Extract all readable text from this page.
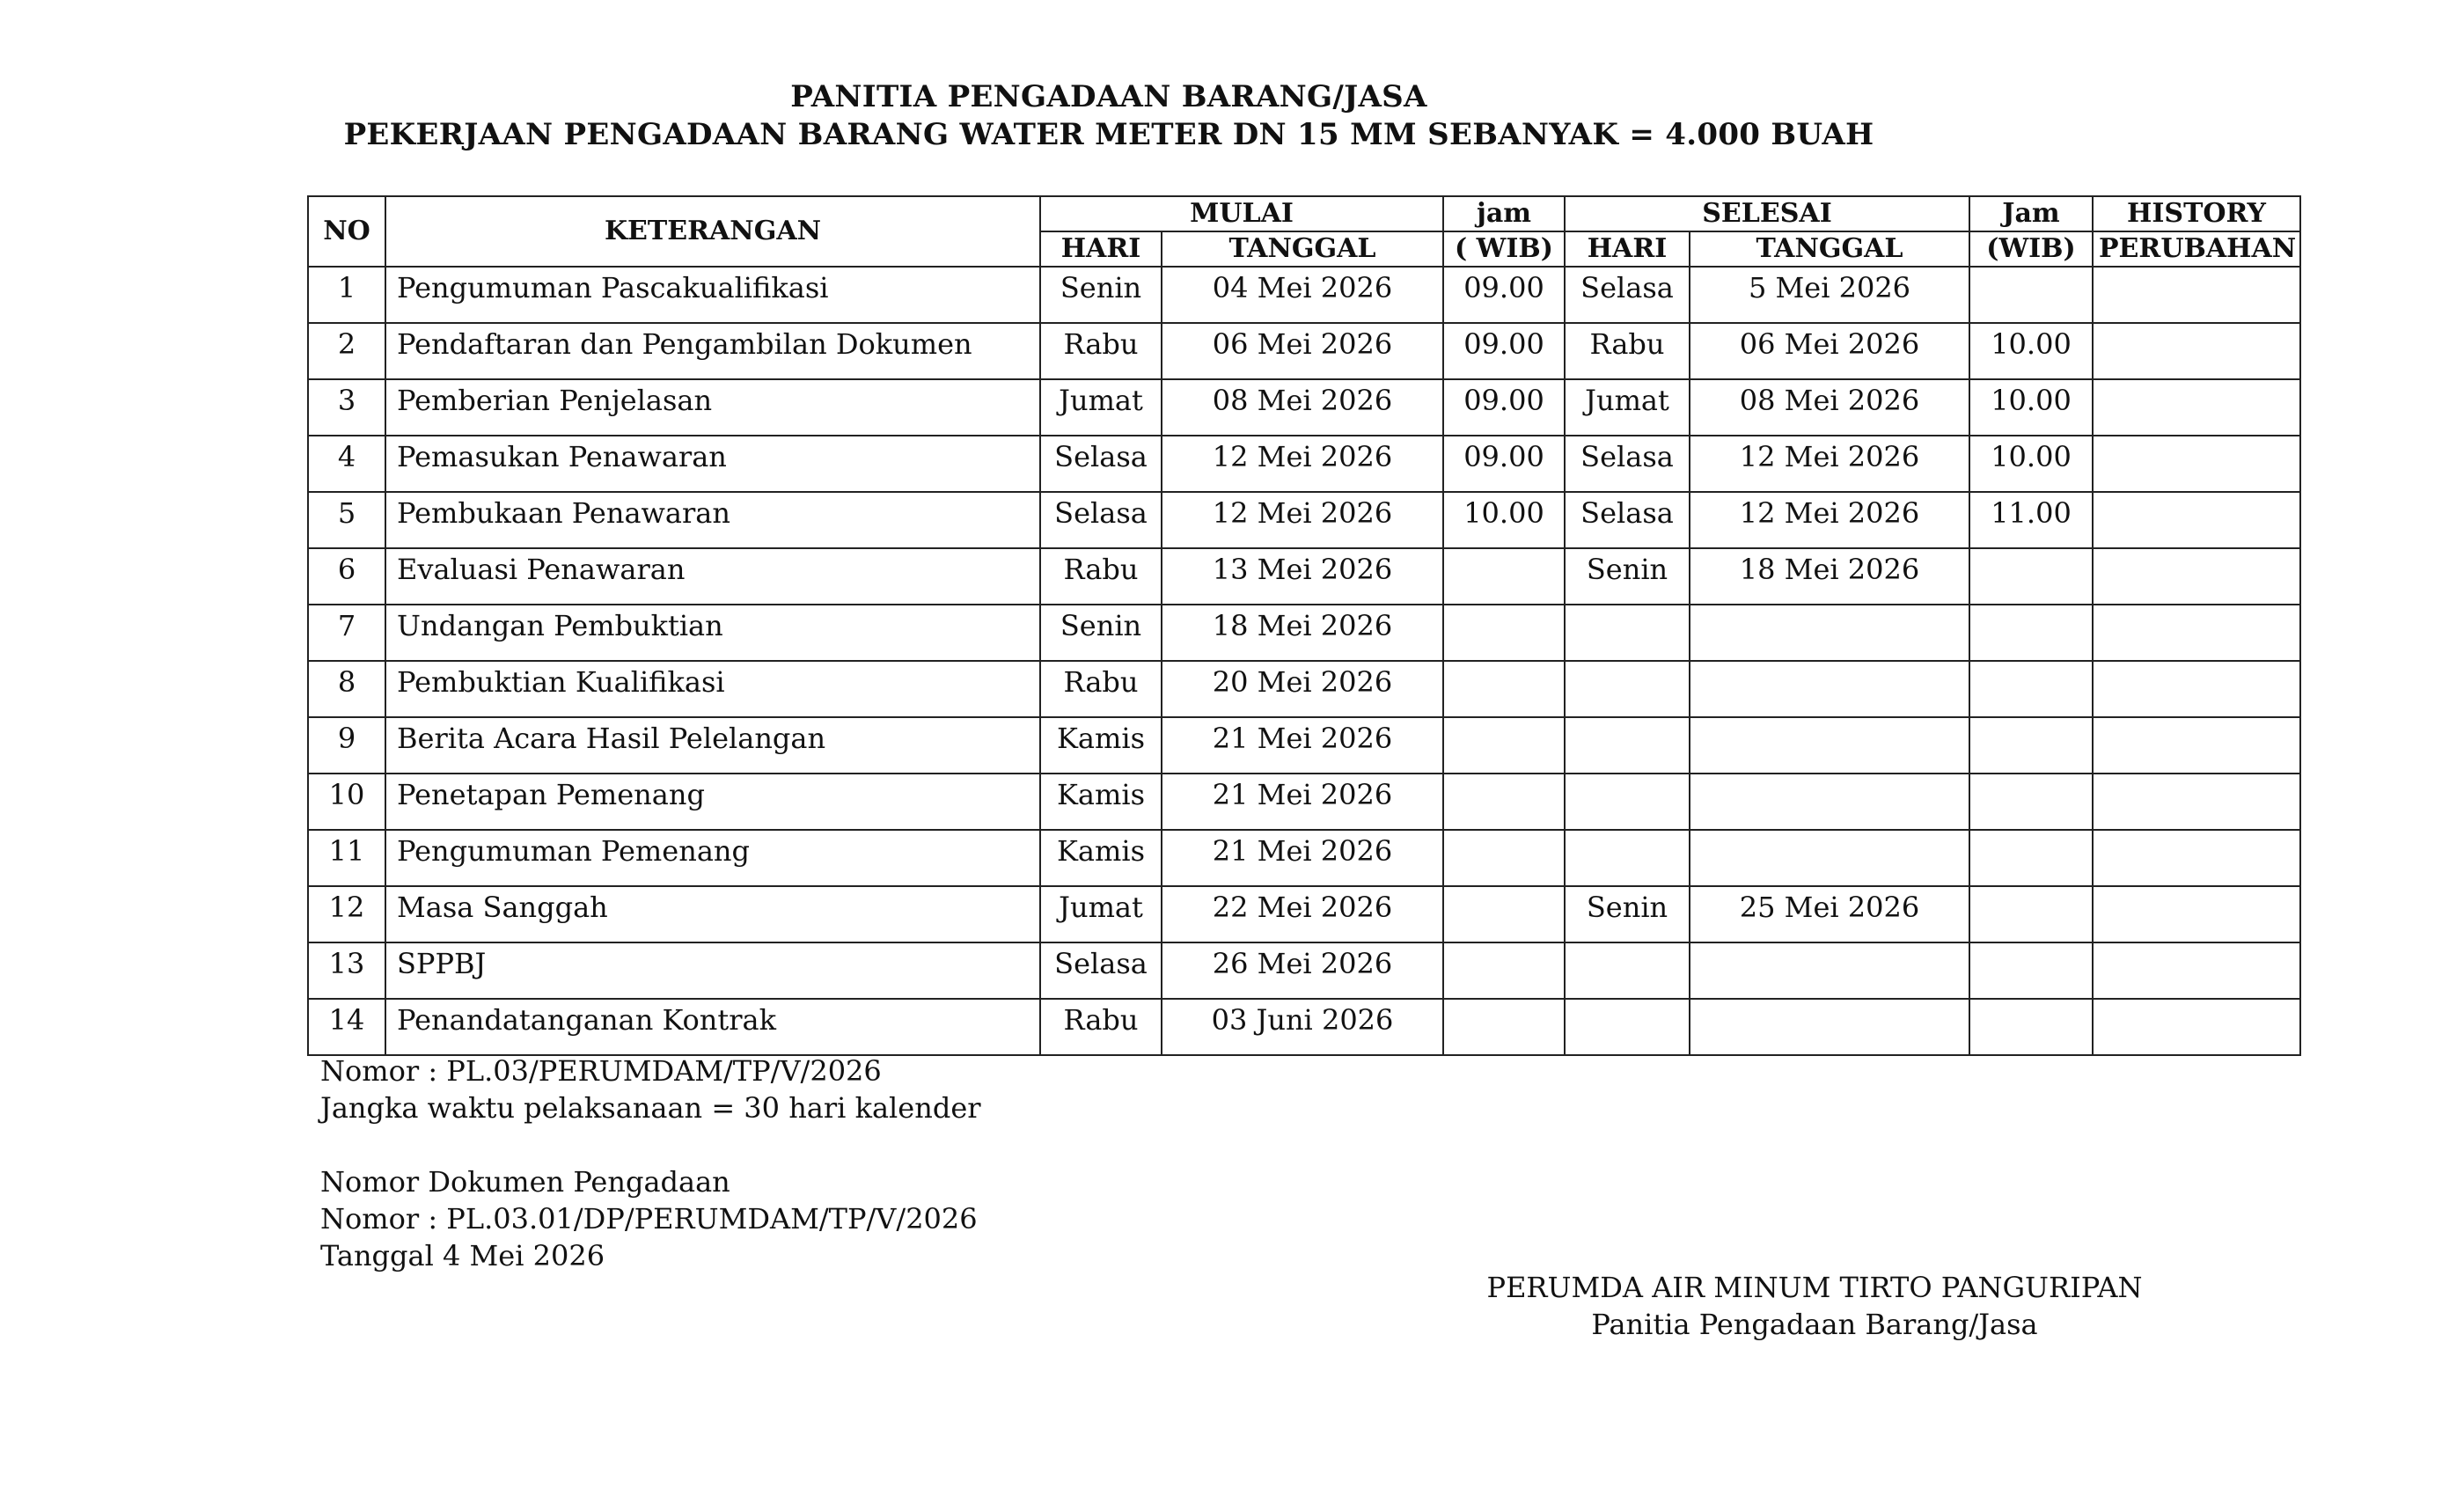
PANITIA PENGADAAN BARANG/JASA
PEKERJAAN PENGADAAN BARANG WATER METER DN 15 MM SEBANYAK = 4.000 BUAH
NO	KETERANGAN	MULAI		jam	SELESAI		Jam	HISTORY
		HARI	TANGGAL	( WIB)	HARI	TANGGAL	(WIB)	PERUBAHAN
1	Pengumuman Pascakualifikasi	Senin	04 Mei 2026	09.00	Selasa	5 Mei 2026		
2	Pendaftaran dan Pengambilan Dokumen	Rabu	06 Mei 2026	09.00	Rabu	06 Mei 2026	10.00	
3	Pemberian Penjelasan	Jumat	08 Mei 2026	09.00	Jumat	08 Mei 2026	10.00	
4	Pemasukan Penawaran	Selasa	12 Mei 2026	09.00	Selasa	12 Mei 2026	10.00	
5	Pembukaan Penawaran	Selasa	12 Mei 2026	10.00	Selasa	12 Mei 2026	11.00	
6	Evaluasi Penawaran	Rabu	13 Mei 2026		Senin	18 Mei 2026		
7	Undangan Pembuktian	Senin	18 Mei 2026					
8	Pembuktian Kualifikasi	Rabu	20 Mei 2026					
9	Berita Acara Hasil Pelelangan	Kamis	21 Mei 2026					
10	Penetapan Pemenang	Kamis	21 Mei 2026					
11	Pengumuman Pemenang	Kamis	21 Mei 2026					
12	Masa Sanggah	Jumat	22 Mei 2026		Senin	25 Mei 2026		
13	SPPBJ	Selasa	26 Mei 2026					
14	Penandatanganan Kontrak	Rabu	03 Juni 2026					
Nomor : PL.03/PERUMDAM/TP/V/2026
Jangka waktu pelaksanaan = 30 hari kalender
Nomor Dokumen Pengadaan
Nomor : PL.03.01/DP/PERUMDAM/TP/V/2026
Tanggal 4 Mei 2026
PERUMDA AIR MINUM TIRTO PANGURIPAN
Panitia Pengadaan Barang/Jasa
